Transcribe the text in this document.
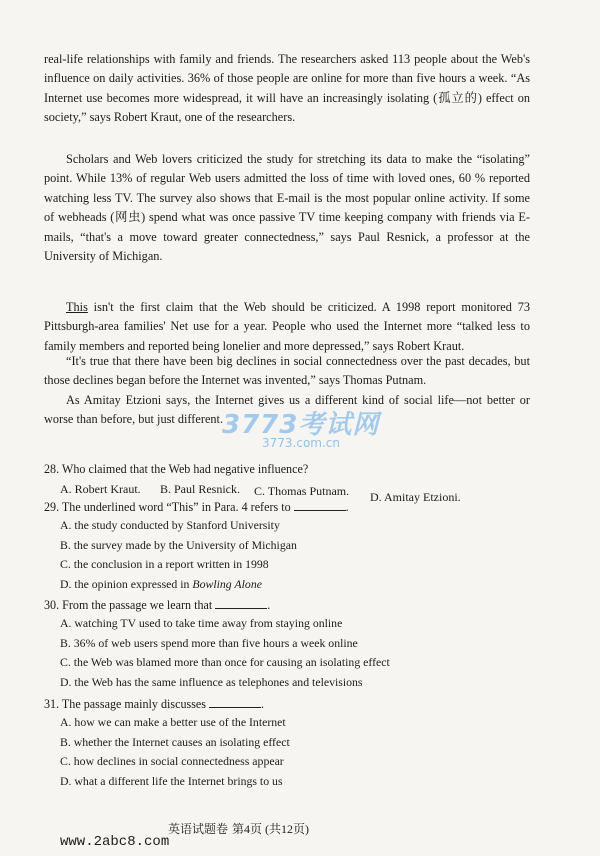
real-life relationships with family and friends. The researchers asked 113 people about the Web's influence on daily activities. 36% of those people are online for more than five hours a week. “As Internet use becomes more widespread, it will have an increasingly isolating (孤立的) effect on society,” says Robert Kraut, one of the researchers.

Scholars and Web lovers criticized the study for stretching its data to make the “isolating” point. While 13% of regular Web users admitted the loss of time with loved ones, 60 % reported watching less TV. The survey also shows that E-mail is the most popular online activity. If some of webheads (网虫) spend what was once passive TV time keeping company with friends via E-mails, “that's a move toward greater connectedness,” says Paul Resnick, a professor at the University of Michigan.

This isn't the first claim that the Web should be criticized. A 1998 report monitored 73 Pittsburgh-area families' Net use for a year. People who used the Internet more “talked less to family members and reported being lonelier and more depressed,” says Robert Kraut.

“It's true that there have been big declines in social connectedness over the past decades, but those declines began before the Internet was invented,” says Thomas Putnam.

As Amitay Etzioni says, the Internet gives us a different kind of social life—not better or worse than before, but just different.

3773考试网
3773.com.cn

28. Who claimed that the Web had negative influence?

A. Robert Kraut. B. Paul Resnick. C. Thomas Putnam. D. Amitay Etzioni.

29. The underlined word “This” in Para. 4 refers to	.

A. the study conducted by Stanford University
B. the survey made by the University of Michigan
C. the conclusion in a report written in 1998
D. the opinion expressed in Bowling Alone

30. From the passage we learn that	.

A. watching TV used to take time away from staying online
B. 36% of web users spend more than five hours a week online
C. the Web was blamed more than once for causing an isolating effect
D. the Web has the same influence as telephones and televisions

31. The passage mainly discusses	.

A. how we can make a better use of the Internet
B. whether the Internet causes an isolating effect
C. how declines in social connectedness appear
D. what a different life the Internet brings to us
英语试题卷 第4页 (共12页)
www.2abc8.com
